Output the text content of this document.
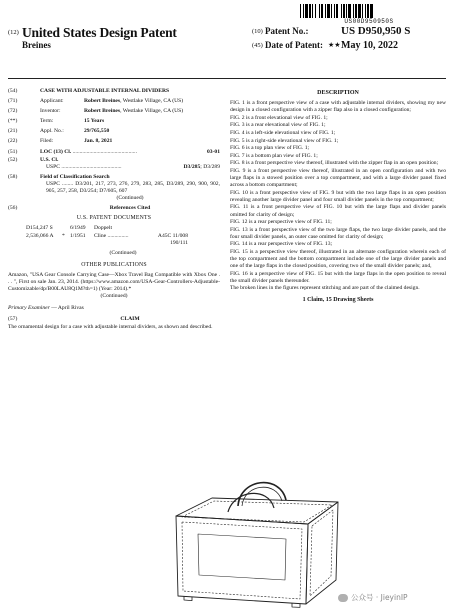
US00D950950S
(12) United States Design Patent	(10) Patent No.:	US D950,950 S
Breines	(45) Date of Patent: ★★ May 10, 2022
(54)	CASE WITH ADJUSTABLE INTERNAL DIVIDERS
(71)	Applicant:	Robert Breines, Westlake Village, CA (US)
(72)	Inventor:	Robert Breines, Westlake Village, CA (US)
(**)	Term:	15 Years
(21)	Appl. No.:	29/765,550
(22)	Filed:	Jan. 8, 2021
(51)	LOC (13) Cl. ..............................................	03-01
(52)	U.S. Cl.
USPC ...........................................	D3/285; D3/289
(58)	Field of Classification Search
USPC ........ D3/201, 217, 273, 276, 279, 283, 285, D3/289, 290, 900, 902, 905, 257, 258, D3/254; D7/605, 607
(Continued)
(56)	References Cited
U.S. PATENT DOCUMENTS
D154,247 S	6/1949	Doppelt
2,536,066 A	* 1/1951	Cline ...............	A45C 11/008 190/111
(Continued)
OTHER PUBLICATIONS
Amazon, "USA Gear Console Carrying Case—Xbox Travel Bag Compatible with Xbox One . . . ", First on sale Jan. 23, 2014. (https://www.amazon.com/USA-Gear-Controllers-Adjustable-Customizable/dp/B00LAU8Q1M?th=1) (Year: 2014).*
(Continued)
Primary Examiner — April Rivas
(57)	CLAIM
The ornamental design for a case with adjustable internal dividers, as shown and described.
DESCRIPTION

FIG. 1 is a front perspective view of a case with adjustable internal dividers, showing my new design in a closed configuration with a zipper flap also in a closed configuration;

FIG. 2 is a front elevational view of FIG. 1;

FIG. 3 is a rear elevational view of FIG. 1;

FIG. 4 is a left-side elevational view of FIG. 1;

FIG. 5 is a right-side elevational view of FIG. 1;

FIG. 6 is a top plan view of FIG. 1;

FIG. 7 is a bottom plan view of FIG. 1;

FIG. 8 is a front perspective view thereof, illustrated with the zipper flap in an open position;

FIG. 9 is a front perspective view thereof, illustrated in an open configuration and with two large flaps in a stowed position over a top compartment, and with a large divider panel fixed across a bottom compartment;

FIG. 10 is a front perspective view of FIG. 9 but with the two large flaps in an open position revealing another large divider panel and four small divider panels in the top compartment;

FIG. 11 is a front perspective view of FIG. 10 but with the large flaps and divider panels omitted for clarity of design;

FIG. 12 is a rear perspective view of FIG. 11;

FIG. 13 is a front perspective view of the two large flaps, the two large divider panels, and the four small divider panels, an outer case omitted for clarity of design;

FIG. 14 is a rear perspective view of FIG. 13;

FIG. 15 is a perspective view thereof, illustrated in an alternate configuration wherein each of the top compartment and the bottom compartment include one of the large divider panels and one of the large flaps in the closed position, covering two of the small divider panels; and,

FIG. 16 is a perspective view of FIG. 15 but with the large flaps in the open position to reveal the small divider panels thereunder.

The broken lines in the figures represent stitching and are part of the claimed design.

1 Claim, 15 Drawing Sheets
公众号 · JieyinIP
